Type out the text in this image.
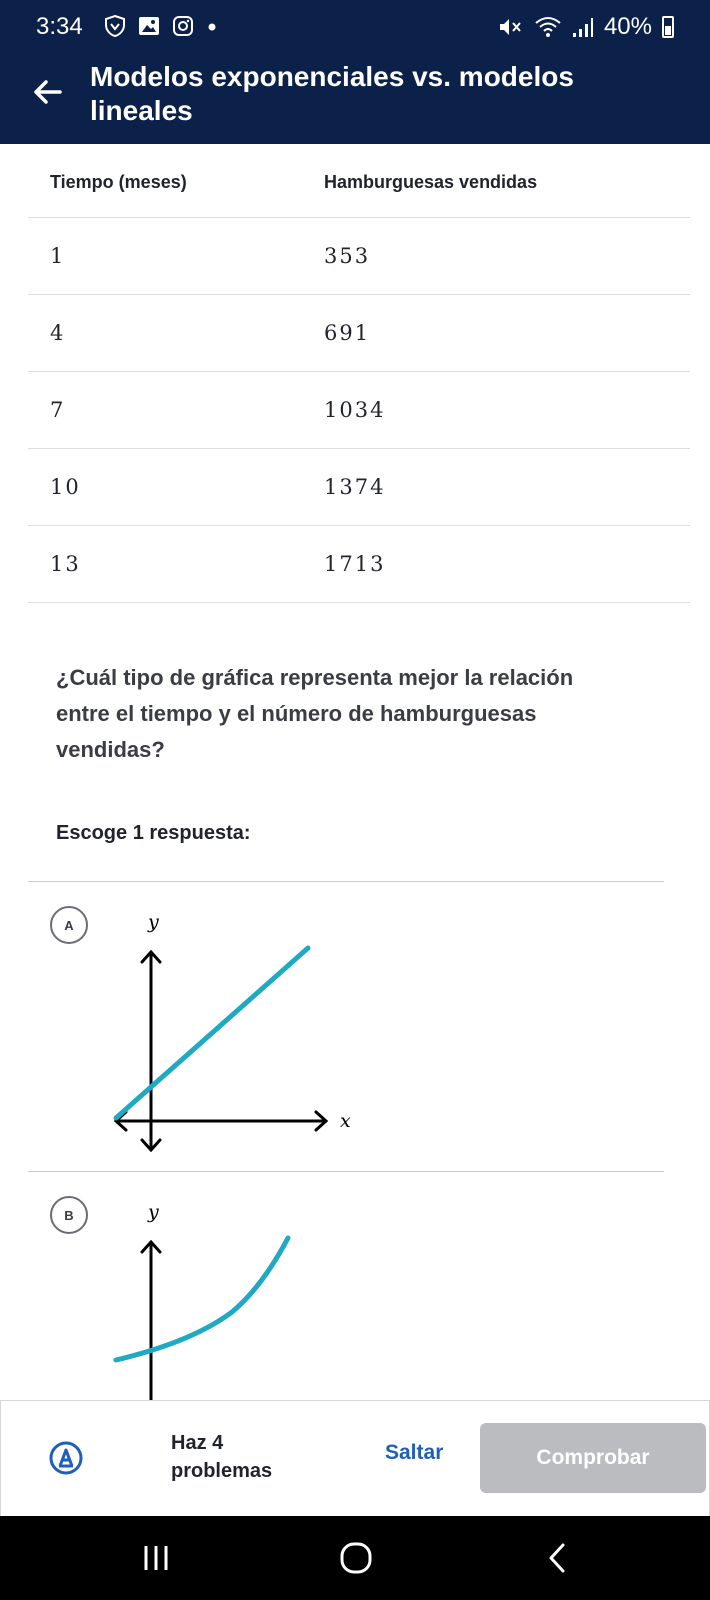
3:34	40%
Modelos exponenciales vs. modelos lineales
Tiempo (meses)	Hamburguesas vendidas
1	353
4	691
7	1034
10	1374
13	1713
¿Cuál tipo de gráfica representa mejor la relación entre el tiempo y el número de hamburguesas vendidas?
Escoge 1 respuesta:
A	y
x
B	y
Haz 4 problemas
Saltar	Comprobar
